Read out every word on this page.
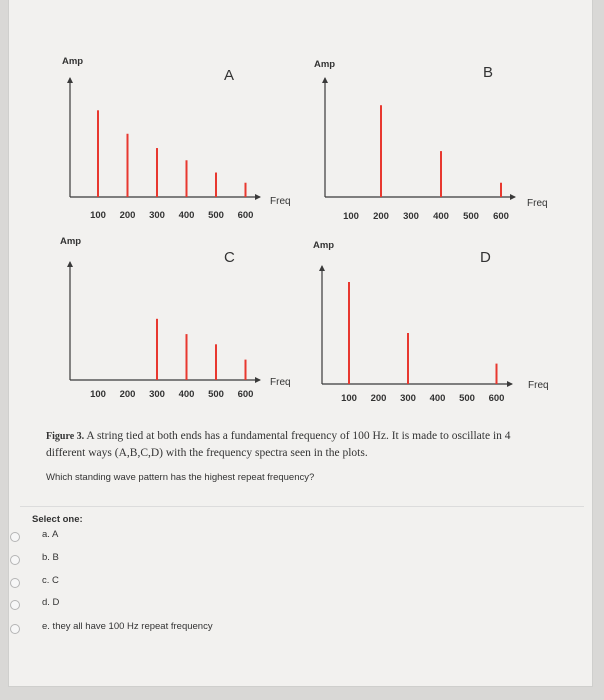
Amp
Freq
A
100 200 300 400 500 600
Amp
Freq
B
100 200 300 400 500 600
Amp
Freq
C
100 200 300 400 500 600
Amp
Freq
D
100 200 300 400 500 600
Figure 3. A string tied at both ends has a fundamental frequency of 100 Hz. It is made to oscillate in 4 different ways (A,B,C,D) with the frequency spectra seen in the plots.
Which standing wave pattern has the highest repeat frequency?
Select one:
a. A
b. B
c. C
d. D
e. they all have 100 Hz repeat frequency
